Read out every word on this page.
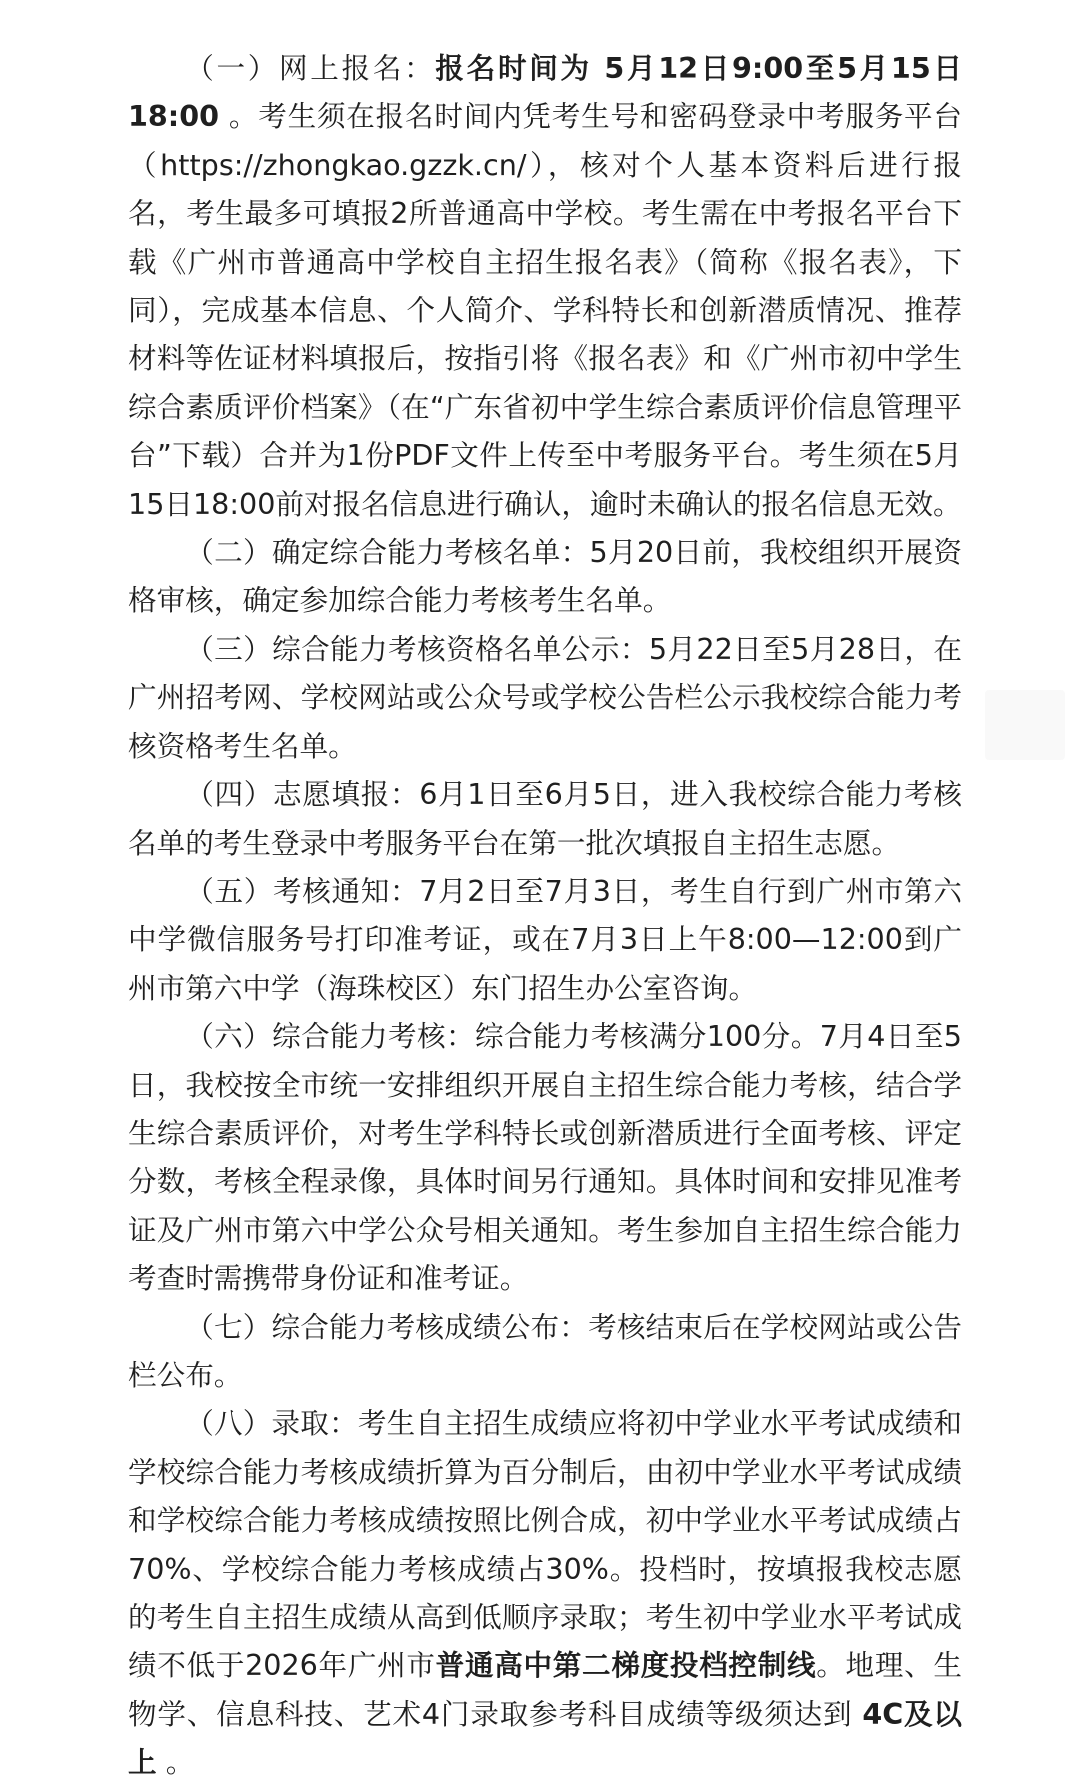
（一）网上报名：报名时间为 5月12日9:00至5月15日18:00 。考生须在报名时间内凭考生号和密码登录中考服务平台（https://zhongkao.gzzk.cn/），核对个人基本资料后进行报名，考生最多可填报2所普通高中学校。考生需在中考报名平台下载《广州市普通高中学校自主招生报名表》（简称《报名表》，下同），完成基本信息、个人简介、学科特长和创新潜质情况、推荐材料等佐证材料填报后，按指引将《报名表》和《广州市初中学生综合素质评价档案》（在“广东省初中学生综合素质评价信息管理平台”下载）合并为1份PDF文件上传至中考服务平台。考生须在5月15日18:00前对报名信息进行确认，逾时未确认的报名信息无效。

（二）确定综合能力考核名单：5月20日前，我校组织开展资格审核，确定参加综合能力考核考生名单。

（三）综合能力考核资格名单公示：5月22日至5月28日，在广州招考网、学校网站或公众号或学校公告栏公示我校综合能力考核资格考生名单。

（四）志愿填报：6月1日至6月5日，进入我校综合能力考核名单的考生登录中考服务平台在第一批次填报自主招生志愿。

（五）考核通知：7月2日至7月3日，考生自行到广州市第六中学微信服务号打印准考证，或在7月3日上午8:00—12:00到广州市第六中学（海珠校区）东门招生办公室咨询。

（六）综合能力考核：综合能力考核满分100分。7月4日至5日，我校按全市统一安排组织开展自主招生综合能力考核，结合学生综合素质评价，对考生学科特长或创新潜质进行全面考核、评定分数，考核全程录像，具体时间另行通知。具体时间和安排见准考证及广州市第六中学公众号相关通知。考生参加自主招生综合能力考查时需携带身份证和准考证。

（七）综合能力考核成绩公布：考核结束后在学校网站或公告栏公布。

（八）录取：考生自主招生成绩应将初中学业水平考试成绩和学校综合能力考核成绩折算为百分制后，由初中学业水平考试成绩和学校综合能力考核成绩按照比例合成，初中学业水平考试成绩占70%、学校综合能力考核成绩占30%。投档时，按填报我校志愿的考生自主招生成绩从高到低顺序录取；考生初中学业水平考试成绩不低于2026年广州市普通高中第二梯度投档控制线。地理、生物学、信息科技、艺术4门录取参考科目成绩等级须达到 4C及以上 。
